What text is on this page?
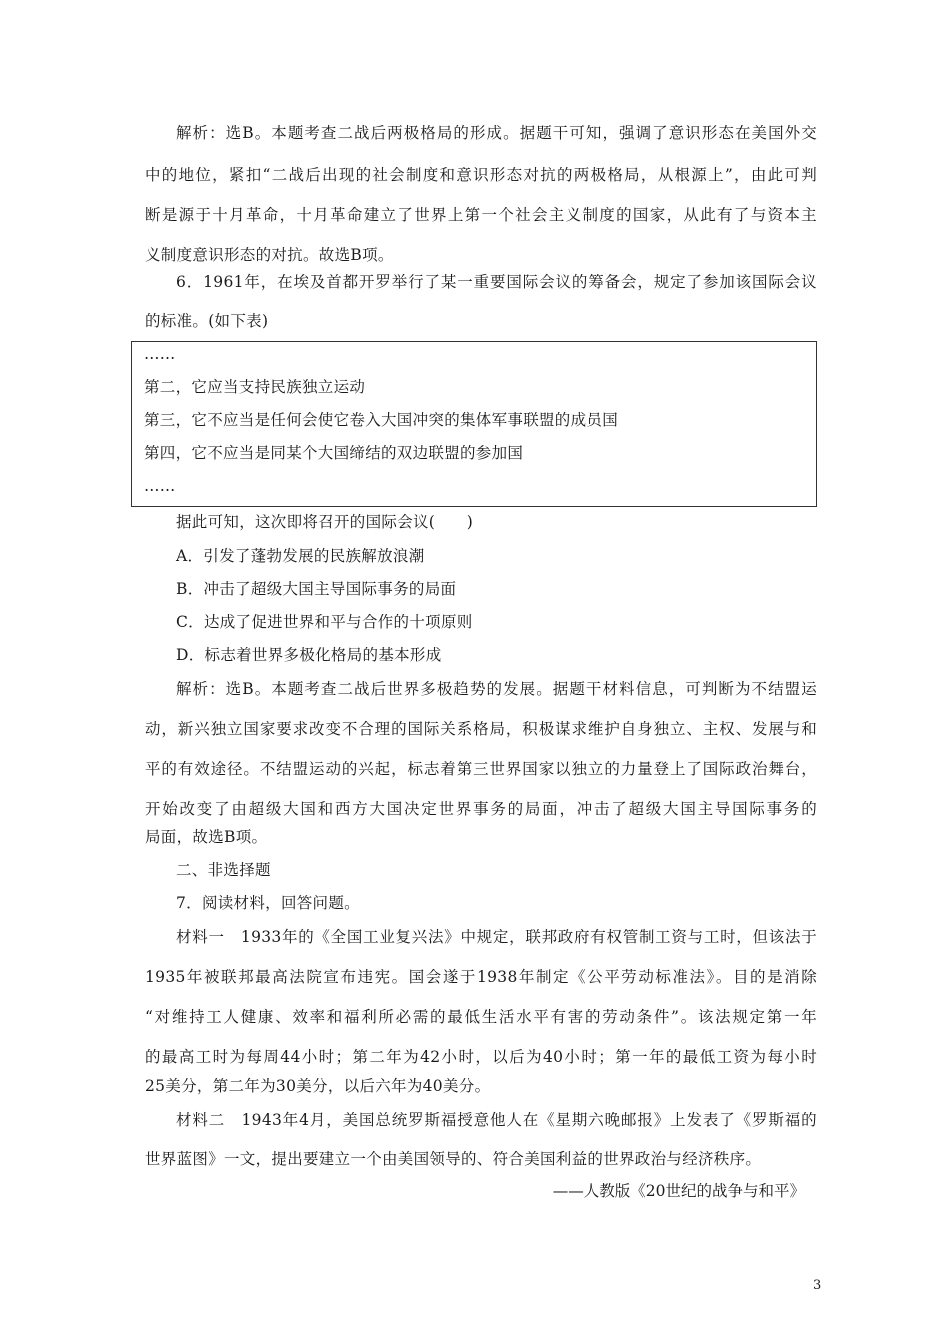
解析：选B。本题考查二战后两极格局的形成。据题干可知，强调了意识形态在美国外交
中的地位，紧扣“二战后出现的社会制度和意识形态对抗的两极格局，从根源上”，由此可判
断是源于十月革命，十月革命建立了世界上第一个社会主义制度的国家，从此有了与资本主
义制度意识形态的对抗。故选B项。
6．1961年，在埃及首都开罗举行了某一重要国际会议的筹备会，规定了参加该国际会议
的标准。(如下表)
……
第二，它应当支持民族独立运动
第三，它不应当是任何会使它卷入大国冲突的集体军事联盟的成员国
第四，它不应当是同某个大国缔结的双边联盟的参加国
……
据此可知，这次即将召开的国际会议(　　)
A．引发了蓬勃发展的民族解放浪潮
B．冲击了超级大国主导国际事务的局面
C．达成了促进世界和平与合作的十项原则
D．标志着世界多极化格局的基本形成
解析：选B。本题考查二战后世界多极趋势的发展。据题干材料信息，可判断为不结盟运
动，新兴独立国家要求改变不合理的国际关系格局，积极谋求维护自身独立、主权、发展与和
平的有效途径。不结盟运动的兴起，标志着第三世界国家以独立的力量登上了国际政治舞台，
开始改变了由超级大国和西方大国决定世界事务的局面，冲击了超级大国主导国际事务的
局面，故选B项。
二、非选择题
7．阅读材料，回答问题。
材料一　1933年的《全国工业复兴法》中规定，联邦政府有权管制工资与工时，但该法于
1935年被联邦最高法院宣布违宪。国会遂于1938年制定《公平劳动标准法》。目的是消除
“对维持工人健康、效率和福利所必需的最低生活水平有害的劳动条件”。该法规定第一年
的最高工时为每周44小时；第二年为42小时，以后为40小时；第一年的最低工资为每小时
25美分，第二年为30美分，以后六年为40美分。
材料二　1943年4月，美国总统罗斯福授意他人在《星期六晚邮报》上发表了《罗斯福的
世界蓝图》一文，提出要建立一个由美国领导的、符合美国利益的世界政治与经济秩序。
——人教版《20世纪的战争与和平》
3
